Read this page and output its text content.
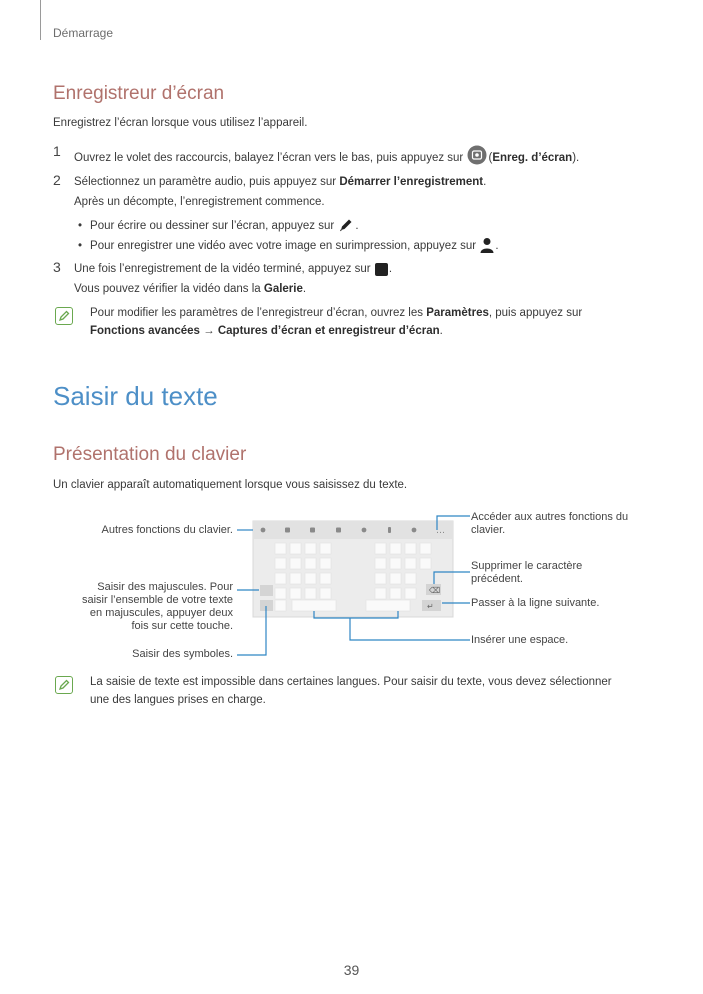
Démarrage
Enregistreur d’écran
Enregistrez l’écran lorsque vous utilisez l’appareil.
1 Ouvrez le volet des raccourcis, balayez l’écran vers le bas, puis appuyez sur (Enreg. d’écran).
2 Sélectionnez un paramètre audio, puis appuyez sur Démarrer l’enregistrement.
Après un décompte, l’enregistrement commence.
• Pour écrire ou dessiner sur l’écran, appuyez sur .
• Pour enregistrer une vidéo avec votre image en surimpression, appuyez sur .
3 Une fois l’enregistrement de la vidéo terminé, appuyez sur .
Vous pouvez vérifier la vidéo dans la Galerie.
Pour modifier les paramètres de l’enregistreur d’écran, ouvrez les Paramètres, puis appuyez sur
Fonctions avancées → Captures d’écran et enregistreur d’écran.
Saisir du texte
Présentation du clavier
Un clavier apparaît automatiquement lorsque vous saisissez du texte.
…
⌫
↵
Autres fonctions du clavier.
Saisir des majuscules. Pour
saisir l’ensemble de votre texte
en majuscules, appuyer deux
fois sur cette touche.
Saisir des symboles.
Accéder aux autres fonctions du
clavier.
Supprimer le caractère
précédent.
Passer à la ligne suivante.
Insérer une espace.
La saisie de texte est impossible dans certaines langues. Pour saisir du texte, vous devez sélectionner
une des langues prises en charge.
39
